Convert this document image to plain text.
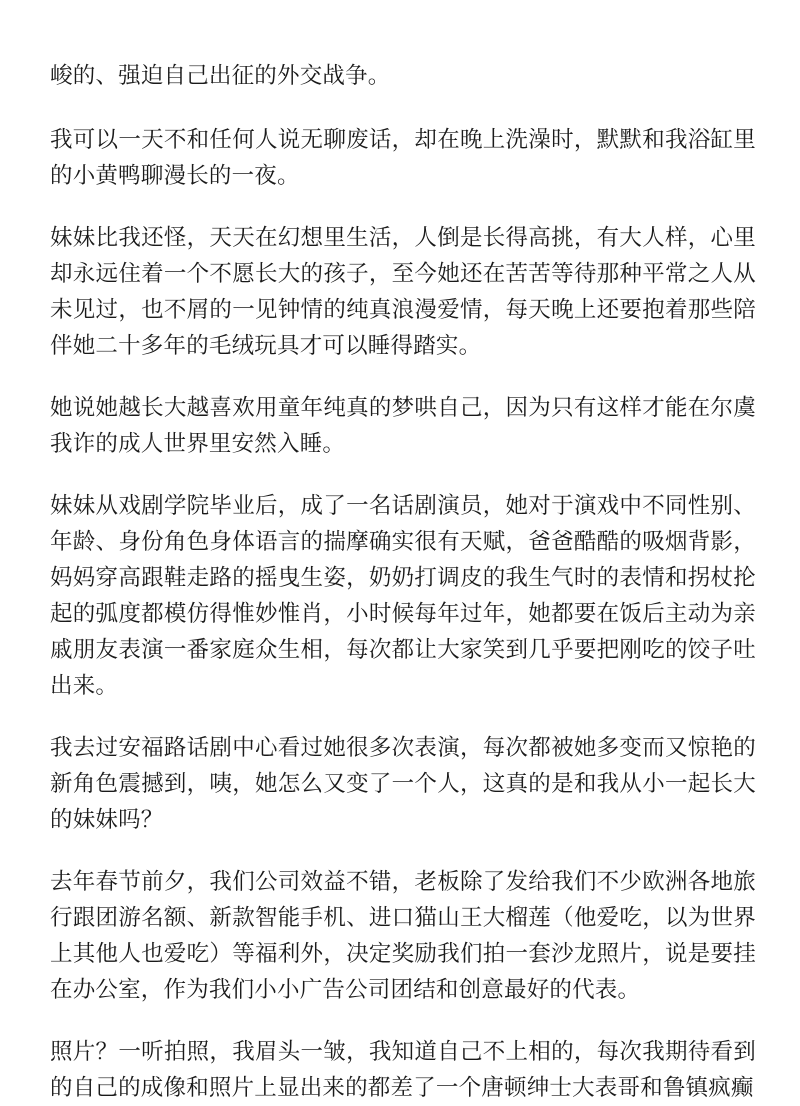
峻的、强迫自己出征的外交战争。

我可以一天不和任何人说无聊废话，却在晚上洗澡时，默默和我浴缸里的小黄鸭聊漫长的一夜。

妹妹比我还怪，天天在幻想里生活，人倒是长得高挑，有大人样，心里却永远住着一个不愿长大的孩子，至今她还在苦苦等待那种平常之人从未见过，也不屑的一见钟情的纯真浪漫爱情，每天晚上还要抱着那些陪伴她二十多年的毛绒玩具才可以睡得踏实。

她说她越长大越喜欢用童年纯真的梦哄自己，因为只有这样才能在尔虞我诈的成人世界里安然入睡。

妹妹从戏剧学院毕业后，成了一名话剧演员，她对于演戏中不同性别、年龄、身份角色身体语言的揣摩确实很有天赋，爸爸酷酷的吸烟背影，妈妈穿高跟鞋走路的摇曳生姿，奶奶打调皮的我生气时的表情和拐杖抡起的弧度都模仿得惟妙惟肖，小时候每年过年，她都要在饭后主动为亲戚朋友表演一番家庭众生相，每次都让大家笑到几乎要把刚吃的饺子吐出来。

我去过安福路话剧中心看过她很多次表演，每次都被她多变而又惊艳的新角色震撼到，咦，她怎么又变了一个人，这真的是和我从小一起长大的妹妹吗？

去年春节前夕，我们公司效益不错，老板除了发给我们不少欧洲各地旅行跟团游名额、新款智能手机、进口猫山王大榴莲（他爱吃，以为世界上其他人也爱吃）等福利外，决定奖励我们拍一套沙龙照片，说是要挂在办公室，作为我们小小广告公司团结和创意最好的代表。

照片？一听拍照，我眉头一皱，我知道自己不上相的，每次我期待看到的自己的成像和照片上显出来的都差了一个唐顿绅士大表哥和鲁镇疯癫
